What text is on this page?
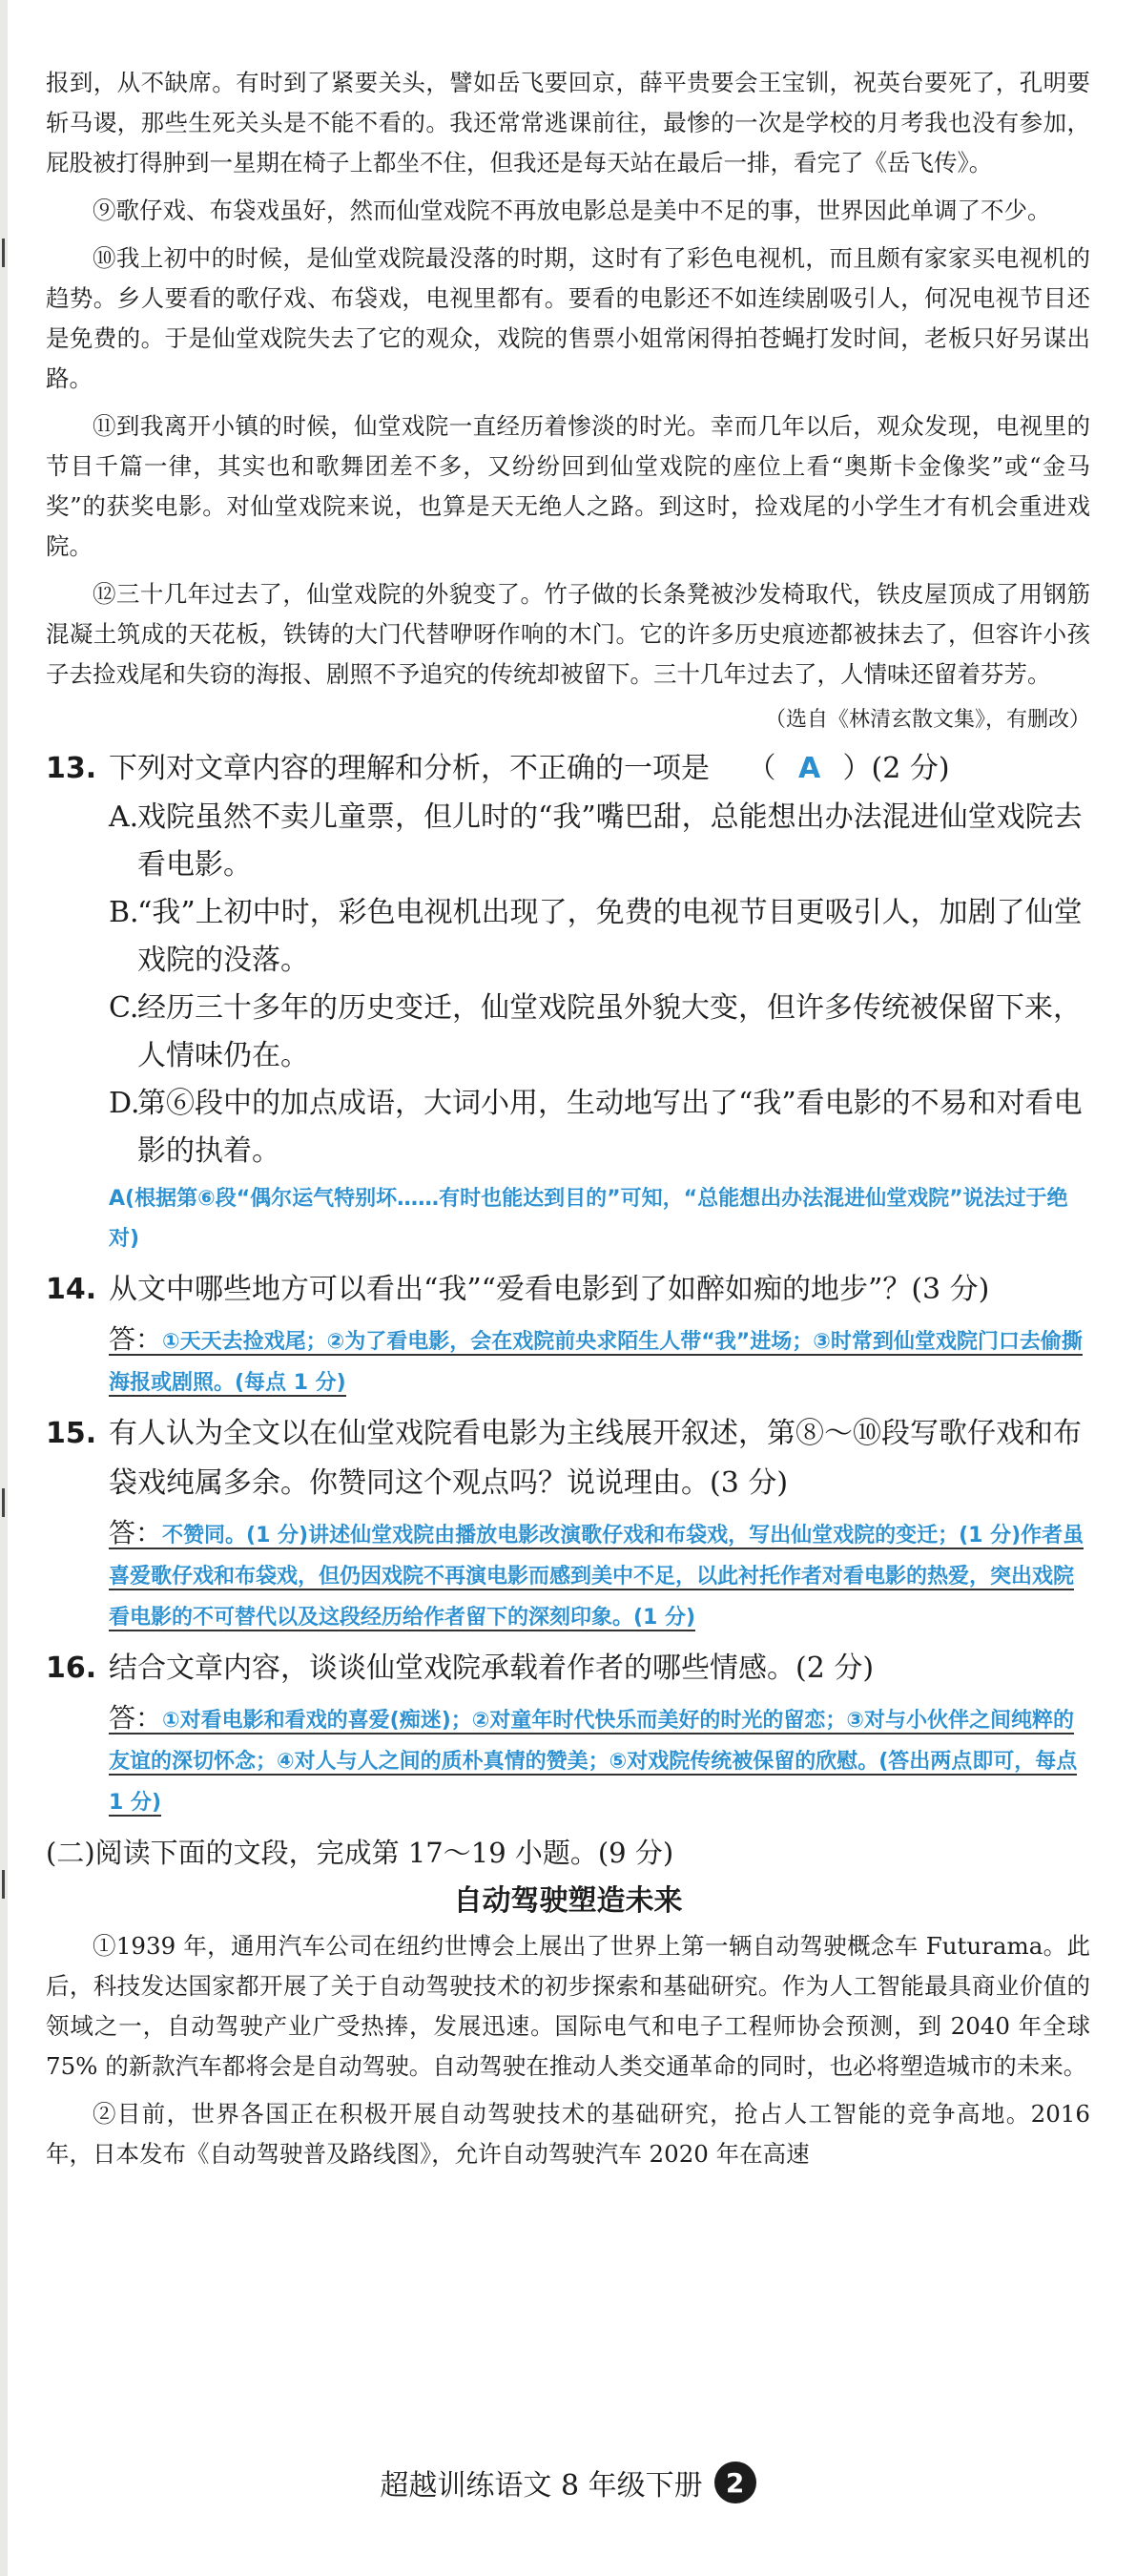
报到，从不缺席。有时到了紧要关头，譬如岳飞要回京，薛平贵要会王宝钏，祝英台要死了，孔明要斩马谡，那些生死关头是不能不看的。我还常常逃课前往，最惨的一次是学校的月考我也没有参加，屁股被打得肿到一星期在椅子上都坐不住，但我还是每天站在最后一排，看完了《岳飞传》。

⑨歌仔戏、布袋戏虽好，然而仙堂戏院不再放电影总是美中不足的事，世界因此单调了不少。

⑩我上初中的时候，是仙堂戏院最没落的时期，这时有了彩色电视机，而且颇有家家买电视机的趋势。乡人要看的歌仔戏、布袋戏，电视里都有。要看的电影还不如连续剧吸引人，何况电视节目还是免费的。于是仙堂戏院失去了它的观众，戏院的售票小姐常闲得拍苍蝇打发时间，老板只好另谋出路。

⑪到我离开小镇的时候，仙堂戏院一直经历着惨淡的时光。幸而几年以后，观众发现，电视里的节目千篇一律，其实也和歌舞团差不多，又纷纷回到仙堂戏院的座位上看“奥斯卡金像奖”或“金马奖”的获奖电影。对仙堂戏院来说，也算是天无绝人之路。到这时，捡戏尾的小学生才有机会重进戏院。

⑫三十几年过去了，仙堂戏院的外貌变了。竹子做的长条凳被沙发椅取代，铁皮屋顶成了用钢筋混凝土筑成的天花板，铁铸的大门代替咿呀作响的木门。它的许多历史痕迹都被抹去了，但容许小孩子去捡戏尾和失窃的海报、剧照不予追究的传统却被留下。三十几年过去了，人情味还留着芬芳。

（选自《林清玄散文集》，有删改）
13. 下列对文章内容的理解和分析，不正确的一项是 （ A ）(2 分)
A.
戏院虽然不卖儿童票，但儿时的“我”嘴巴甜，总能想出办法混进仙堂戏院去看电影。
B.
“我”上初中时，彩色电视机出现了，免费的电视节目更吸引人，加剧了仙堂戏院的没落。
C.
经历三十多年的历史变迁，仙堂戏院虽外貌大变，但许多传统被保留下来，人情味仍在。
D.
第⑥段中的加点成语，大词小用，生动地写出了“我”看电影的不易和对看电影的执着。
A(根据第⑥段“偶尔运气特别坏……有时也能达到目的”可知，“总能想出办法混进仙堂戏院”说法过于绝对)
14. 从文中哪些地方可以看出“我”“爱看电影到了如醉如痴的地步”？(3 分)
答：①天天去捡戏尾；②为了看电影，会在戏院前央求陌生人带“我”进场；③时常到仙堂戏院门口去偷撕海报或剧照。(每点 1 分)
15. 有人认为全文以在仙堂戏院看电影为主线展开叙述，第⑧～⑩段写歌仔戏和布袋戏纯属多余。你赞同这个观点吗？说说理由。(3 分)
答：不赞同。(1 分)讲述仙堂戏院由播放电影改演歌仔戏和布袋戏，写出仙堂戏院的变迁；(1 分)作者虽喜爱歌仔戏和布袋戏，但仍因戏院不再演电影而感到美中不足，以此衬托作者对看电影的热爱，突出戏院看电影的不可替代以及这段经历给作者留下的深刻印象。(1 分)
16. 结合文章内容，谈谈仙堂戏院承载着作者的哪些情感。(2 分)
答：①对看电影和看戏的喜爱(痴迷)；②对童年时代快乐而美好的时光的留恋；③对与小伙伴之间纯粹的友谊的深切怀念；④对人与人之间的质朴真情的赞美；⑤对戏院传统被保留的欣慰。(答出两点即可，每点 1 分)
(二)阅读下面的文段，完成第 17～19 小题。(9 分)
自动驾驶塑造未来

①1939 年，通用汽车公司在纽约世博会上展出了世界上第一辆自动驾驶概念车 Futurama。此后，科技发达国家都开展了关于自动驾驶技术的初步探索和基础研究。作为人工智能最具商业价值的领域之一，自动驾驶产业广受热捧，发展迅速。国际电气和电子工程师协会预测，到 2040 年全球 75% 的新款汽车都将会是自动驾驶。自动驾驶在推动人类交通革命的同时，也必将塑造城市的未来。

②目前，世界各国正在积极开展自动驾驶技术的基础研究，抢占人工智能的竞争高地。2016 年，日本发布《自动驾驶普及路线图》，允许自动驾驶汽车 2020 年在高速

超越训练语文 8 年级下册 2
